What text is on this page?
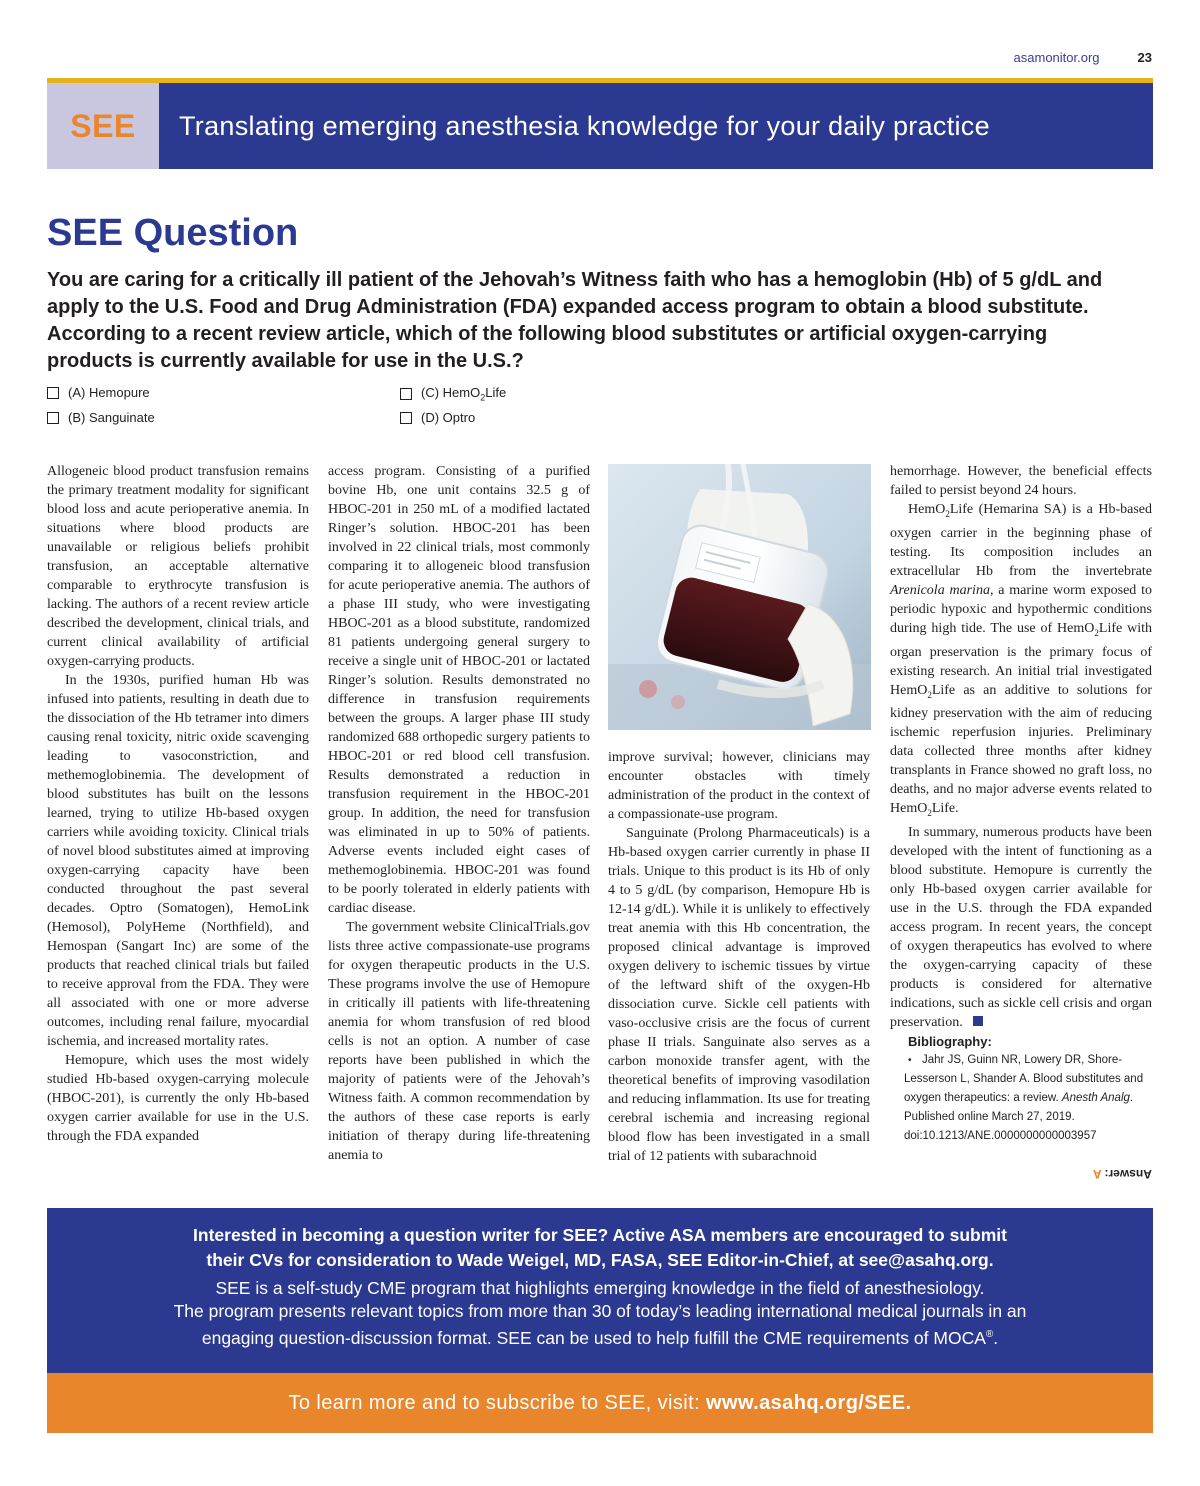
asamonitor.org	23
SEE	Translating emerging anesthesia knowledge for your daily practice
SEE Question

You are caring for a critically ill patient of the Jehovah’s Witness faith who has a hemoglobin (Hb) of 5 g/dL and apply to the U.S. Food and Drug Administration (FDA) expanded access program to obtain a blood substitute. According to a recent review article, which of the following blood substitutes or artificial oxygen-carrying products is currently available for use in the U.S.?

(A) Hemopure
(B) Sanguinate
(C) HemO$_2$Life
(D) Optro

Allogeneic blood product transfusion remains the primary treatment modality for significant blood loss and acute perioperative anemia. In situations where blood products are unavailable or religious beliefs prohibit transfusion, an acceptable alternative comparable to erythrocyte transfusion is lacking. The authors of a recent review article described the development, clinical trials, and current clinical availability of artificial oxygen-carrying products.

In the 1930s, purified human Hb was infused into patients, resulting in death due to the dissociation of the Hb tetramer into dimers causing renal toxicity, nitric oxide scavenging leading to vasoconstriction, and methemoglobinemia. The development of blood substitutes has built on the lessons learned, trying to utilize Hb-based oxygen carriers while avoiding toxicity. Clinical trials of novel blood substitutes aimed at improving oxygen-carrying capacity have been conducted throughout the past several decades. Optro (Somatogen), HemoLink (Hemosol), PolyHeme (Northfield), and Hemospan (Sangart Inc) are some of the products that reached clinical trials but failed to receive approval from the FDA. They were all associated with one or more adverse outcomes, including renal failure, myocardial ischemia, and increased mortality rates.

Hemopure, which uses the most widely studied Hb-based oxygen-carrying molecule (HBOC-201), is currently the only Hb-based oxygen carrier available for use in the U.S. through the FDA expanded

access program. Consisting of a purified bovine Hb, one unit contains 32.5 g of HBOC-201 in 250 mL of a modified lactated Ringer’s solution. HBOC-201 has been involved in 22 clinical trials, most commonly comparing it to allogeneic blood transfusion for acute perioperative anemia. The authors of a phase III study, who were investigating HBOC-201 as a blood substitute, randomized 81 patients undergoing general surgery to receive a single unit of HBOC-201 or lactated Ringer’s solution. Results demonstrated no difference in transfusion requirements between the groups. A larger phase III study randomized 688 orthopedic surgery patients to HBOC-201 or red blood cell transfusion. Results demonstrated a reduction in transfusion requirement in the HBOC-201 group. In addition, the need for transfusion was eliminated in up to 50% of patients. Adverse events included eight cases of methemoglobinemia. HBOC-201 was found to be poorly tolerated in elderly patients with cardiac disease.

The government website ClinicalTrials.gov lists three active compassionate-use programs for oxygen therapeutic products in the U.S. These programs involve the use of Hemopure in critically ill patients with life-threatening anemia for whom transfusion of red blood cells is not an option. A number of case reports have been published in which the majority of patients were of the Jehovah’s Witness faith. A common recommendation by the authors of these case reports is early initiation of therapy during life-threatening anemia to

improve survival; however, clinicians may encounter obstacles with timely administration of the product in the context of a compassionate-use program.

Sanguinate (Prolong Pharmaceuticals) is a Hb-based oxygen carrier currently in phase II trials. Unique to this product is its Hb of only 4 to 5 g/dL (by comparison, Hemopure Hb is 12-14 g/dL). While it is unlikely to effectively treat anemia with this Hb concentration, the proposed clinical advantage is improved oxygen delivery to ischemic tissues by virtue of the leftward shift of the oxygen-Hb dissociation curve. Sickle cell patients with vaso-occlusive crisis are the focus of current phase II trials. Sanguinate also serves as a carbon monoxide transfer agent, with the theoretical benefits of improving vasodilation and reducing inflammation. Its use for treating cerebral ischemia and increasing regional blood flow has been investigated in a small trial of 12 patients with subarachnoid

hemorrhage. However, the beneficial effects failed to persist beyond 24 hours.

HemO$_2$Life (Hemarina SA) is a Hb-based oxygen carrier in the beginning phase of testing. Its composition includes an extracellular Hb from the invertebrate Arenicola marina, a marine worm exposed to periodic hypoxic and hypothermic conditions during high tide. The use of HemO$_2$Life with organ preservation is the primary focus of existing research. An initial trial investigated HemO$_2$Life as an additive to solutions for kidney preservation with the aim of reducing ischemic reperfusion injuries. Preliminary data collected three months after kidney transplants in France showed no graft loss, no deaths, and no major adverse events related to HemO$_2$Life.

In summary, numerous products have been developed with the intent of functioning as a blood substitute. Hemopure is currently the only Hb-based oxygen carrier available for use in the U.S. through the FDA expanded access program. In recent years, the concept of oxygen therapeutics has evolved to where the oxygen-carrying capacity of these products is considered for alternative indications, such as sickle cell crisis and organ preservation.

Bibliography:

• Jahr JS, Guinn NR, Lowery DR, Shore-Lesserson L, Shander A. Blood substitutes and oxygen therapeutics: a review. Anesth Analg. Published online March 27, 2019. doi:10.1213/ANE.0000000000003957

Answer: A

Interested in becoming a question writer for SEE? Active ASA members are encouraged to submit
their CVs for consideration to Wade Weigel, MD, FASA, SEE Editor-in-Chief, at see@asahq.org.

SEE is a self-study CME program that highlights emerging knowledge in the field of anesthesiology.
The program presents relevant topics from more than 30 of today’s leading international medical journals in an
engaging question-discussion format. SEE can be used to help fulfill the CME requirements of MOCA®.

To learn more and to subscribe to SEE, visit: www.asahq.org/SEE.
